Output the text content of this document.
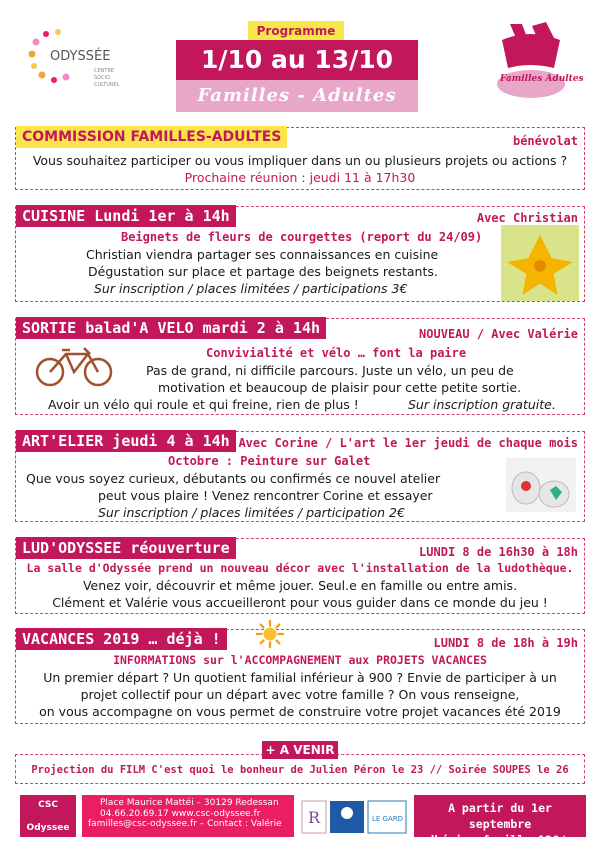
ODYSSÉE
CENTRE
SOCIO
CULTUREL
Programme
1/10 au 13/10
Familles - Adultes
Familles Adultes
COMMISSION FAMILLES-ADULTES	bénévolat
Vous souhaitez participer ou vous impliquer dans un ou plusieurs projets ou actions ?
Prochaine réunion : jeudi 11 à 17h30
CUISINE Lundi 1er à 14h	Avec Christian
Beignets de fleurs de courgettes (report du 24/09)
Christian viendra partager ses connaissances en cuisine
Dégustation sur place et partage des beignets restants.
Sur inscription / places limitées / participations 3€
SORTIE balad'A VELO mardi 2 à 14h	NOUVEAU / Avec Valérie
Convivialité et vélo … font la paire
Pas de grand, ni difficile parcours. Juste un vélo, un peu de
motivation et beaucoup de plaisir pour cette petite sortie.
Avoir un vélo qui roule et qui freine, rien de plus !	Sur inscription gratuite.
ART'ELIER jeudi 4 à 14h Avec Corine / L'art le 1er jeudi de chaque mois
Octobre : Peinture sur Galet
Que vous soyez curieux, débutants ou confirmés ce nouvel atelier
peut vous plaire ! Venez rencontrer Corine et essayer
Sur inscription / places limitées / participation 2€
LUD'ODYSSEE réouverture	LUNDI 8 de 16h30 à 18h
La salle d'Odyssée prend un nouveau décor avec l'installation de la ludothèque.
Venez voir, découvrir et même jouer. Seul.e en famille ou entre amis.
Clément et Valérie vous accueilleront pour vous guider dans ce monde du jeu !
VACANCES 2019 … déjà !	LUNDI 8 de 18h à 19h
INFORMATIONS sur l'ACCOMPAGNEMENT aux PROJETS VACANCES
Un premier départ ? Un quotient familial inférieur à 900 ? Envie de participer à un
projet collectif pour un départ avec votre famille ? On vous renseigne,
on vous accompagne on vous permet de construire votre projet vacances été 2019
Projection du FILM C'est quoi le bonheur de Julien Péron le 23 // Soirée SOUPES le 26
+ A VENIR
CSC
Odyssee
Place Maurice Mattéi – 30129 Redessan
04.66.20.69.17 www.csc-odyssee.fr
familles@csc-odyssee.fr – Contact : Valérie	R	LE GARD
A partir du 1er septembre
adhésion famille 12€/an
